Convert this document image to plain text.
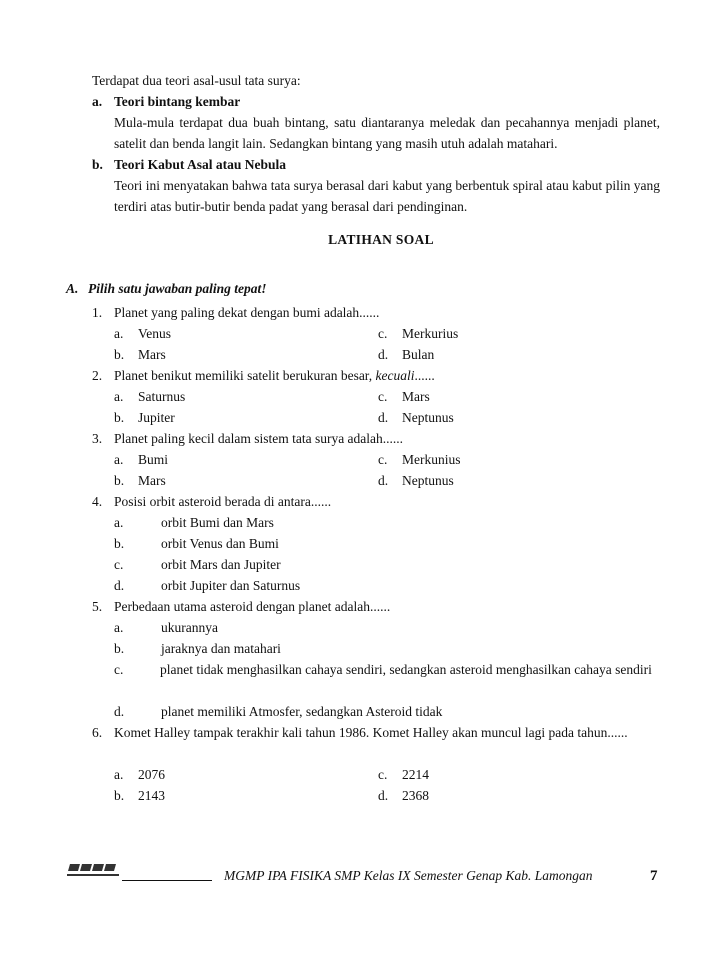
Terdapat dua teori asal-usul tata surya:

a. Teori bintang kembar

Mula-mula terdapat dua buah bintang, satu diantaranya meledak dan pecahannya menjadi planet, satelit dan benda langit lain. Sedangkan bintang yang masih utuh adalah matahari.

b. Teori Kabut Asal atau Nebula

Teori ini menyatakan bahwa tata surya berasal dari kabut yang berbentuk spiral atau kabut pilin yang terdiri atas butir-butir benda padat yang berasal dari pendinginan.

LATIHAN SOAL
A. Pilih satu jawaban paling tepat!
1. Planet yang paling dekat dengan bumi adalah......
a. Venus	c. Merkurius
b. Mars	d. Bulan
2. Planet benikut memiliki satelit berukuran besar, kecuali......
a. Saturnus	c. Mars
b. Jupiter	d. Neptunus
3. Planet paling kecil dalam sistem tata surya adalah......
a. Bumi	c. Merkunius
b. Mars	d. Neptunus
4. Posisi orbit asteroid berada di antara......
a.	orbit Bumi dan Mars
b.	orbit Venus dan Bumi
c.	orbit Mars dan Jupiter
d.	orbit Jupiter dan Saturnus
5. Perbedaan utama asteroid dengan planet adalah......
a.	ukurannya
b.	jaraknya dan matahari
c.	planet tidak menghasilkan cahaya sendiri, sedangkan asteroid menghasilkan cahaya sendiri
d.	planet memiliki Atmosfer, sedangkan Asteroid tidak
6. Komet Halley tampak terakhir kali tahun 1986. Komet Halley akan muncul lagi pada tahun......
a. 2076	c. 2214
b. 2143	d. 2368
MGMP IPA FISIKA SMP Kelas IX Semester Genap Kab. Lamongan	7
